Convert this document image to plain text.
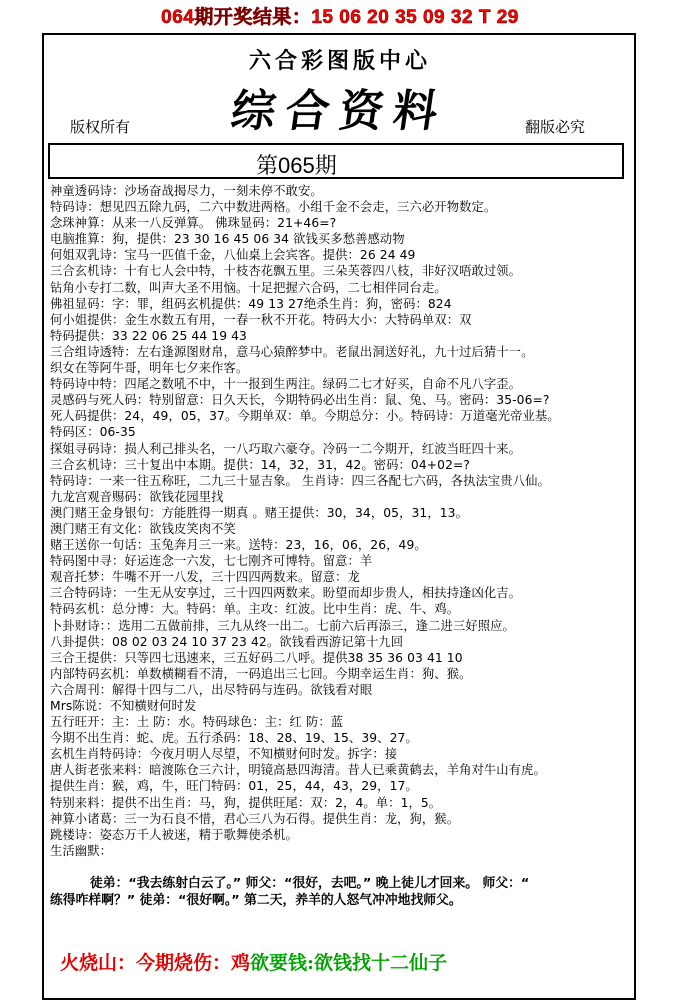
064期开奖结果：15 06 20 35 09 32 T 29
六合彩图版中心
综合资料
版权所有	翻版必究
第065期
神童透码诗：沙场奋战揭尽力，一刻未停不敢安。
特码诗：想见四五除九码，二六中数进两格。小组千金不会走，三六必开物数定。
念珠神算：从来一八反弹算。 佛珠显码：21+46=?
电脑推算：狗，提供：23 30 16 45 06 34 欲钱买多愁善感动物
何姐双乳诗：宝马一匹值千金，八仙桌上会宾客。提供：26 24 49
三合玄机诗：十有七人会中特，十枝杏花飘五里。三朵芙蓉四八枝，非好汉唔敢过领。
钻角小专打二数，叫声大圣不用恼。十足把握六合码，二七相伴同台走。
佛祖显码：字：罪，组码玄机提供：49 13 27绝杀生肖：狗，密码：824
何小姐提供：金生水数五有用，一春一秋不开花。特码大小：大特码单双：双
特码提供：33 22 06 25 44 19 43
三合组诗透特：左右逢源图财帛，意马心猿醉梦中。老鼠出洞送好礼，九十过后猜十一。
织女在等阿牛哥，明年七夕来作客。
特码诗中特：四尾之数吼不中，十一报到生两注。绿码二七才好买，自命不凡八字歪。
灵感码与死人码：特别留意：日久天长，今期特码必出生肖：鼠、兔、马。密码：35-06=?
死人码提供：24，49，05，37。今期单双：单。今期总分：小。特码诗：万道毫光帝业基。
特码区：06-35
探姐寻码诗：损人利己排头名，一八巧取六豪夺。冷码一二今期开，红波当旺四十来。
三合玄机诗：三十复出中本期。提供：14，32，31，42。密码：04+02=?
特码诗：一来一往五称旺，二九三十显吉象。 生肖诗：四三各配七六码，各执法宝贵八仙。
九龙宫观音赐码：欲钱花园里找
澳门赌王金身银句：方能胜得一期真 。赌王提供：30，34，05，31，13。
澳门赌王有文化：欲钱皮笑肉不笑
赌王送你一句话：玉兔奔月三一来。送特：23，16，06，26，49。
特码图中寻：好运连念一六发，七七刚齐可博特。留意：羊
观音托梦：牛嘴不开一八发，三十四四两数来。留意：龙
三合特码诗：一生无从安享过，三十四四两数来。盼望而却步贵人，相扶持逢凶化吉。
特码玄机：总分博：大。特码：单。主攻：红波。比中生肖：虎、牛、鸡。
卜卦财诗：：选用二五做前排，三九从终一出二。七前六后再添三，逢二进三好照应。
八卦提供：08 02 03 24 10 37 23 42。欲钱看西游记第十九回
三合王提供：只等四七迅速来，三五好码二八呼。提供38 35 36 03 41 10
内部特码玄机：单数横糊看不清，一码追出三七回。今期幸运生肖：狗、猴。
六合周刊：解得十四与二八，出尽特码与连码。欲钱看对眼
Mrs陈说：不知横财何时发
五行旺开：主：土 防：水。特码球色：主：红 防：蓝
今期不出生肖：蛇、虎。五行杀码：18、28、19、15、39、27。
玄机生肖特码诗：今夜月明人尽望，不知横财何时发。拆字：接
唐人街老张来料：暗渡陈仓三六计，明镜高悬四海清。昔人已乘黄鹤去，羊角对牛山有虎。
提供生肖：猴，鸡，牛，旺门特码：01，25，44，43，29，17。
特别来料：提供不出生肖：马，狗，提供旺尾：双：2，4。单：1，5。
神算小诸葛：三一为石良不惜，君心三八为石得。提供生肖：龙，狗，猴。
跳楼诗：姿态万千人被迷，精于歌舞使杀机。
生活幽默：
徒弟：“我去练射白云了。” 师父：“很好，去吧。” 晚上徒儿才回来。 师父：“
练得咋样啊？” 徒弟：“很好啊。” 第二天，养羊的人怒气冲冲地找师父。
火烧山：今期烧伤： 鸡 欲要钱: 欲钱找十二仙子
